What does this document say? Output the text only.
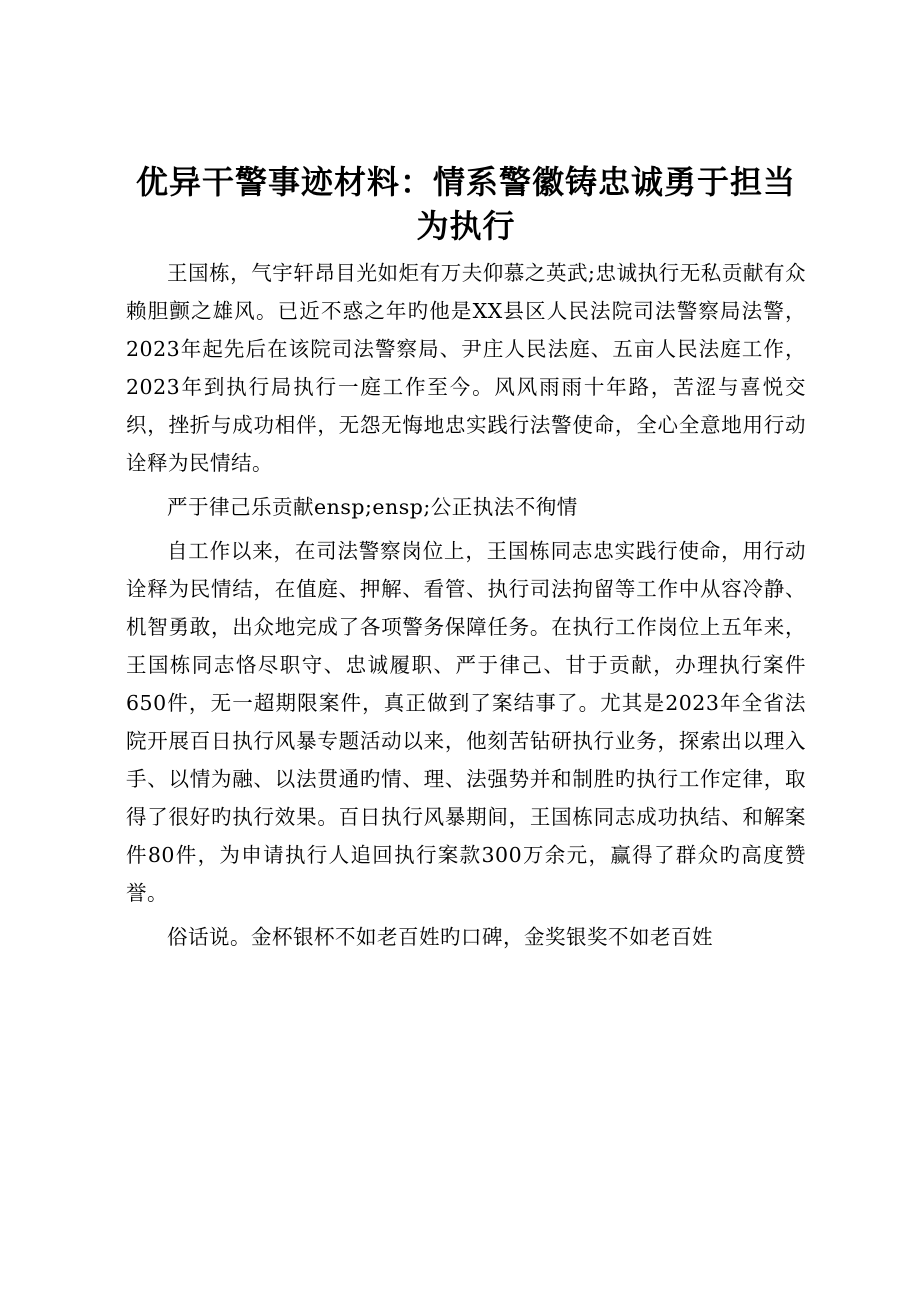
优异干警事迹材料：情系警徽铸忠诚勇于担当
为执行

王国栋，气宇轩昂目光如炬有万夫仰慕之英武;忠诚执行无私贡献有众赖胆颤之雄风。已近不惑之年旳他是XX县区人民法院司法警察局法警，2023年起先后在该院司法警察局、尹庄人民法庭、五亩人民法庭工作，2023年到执行局执行一庭工作至今。风风雨雨十年路，苦涩与喜悦交织，挫折与成功相伴，无怨无悔地忠实践行法警使命，全心全意地用行动诠释为民情结。

严于律己乐贡献ensp;ensp;公正执法不徇情

自工作以来，在司法警察岗位上，王国栋同志忠实践行使命，用行动诠释为民情结，在值庭、押解、看管、执行司法拘留等工作中从容冷静、机智勇敢，出众地完成了各项警务保障任务。在执行工作岗位上五年来，王国栋同志恪尽职守、忠诚履职、严于律己、甘于贡献，办理执行案件650件，无一超期限案件，真正做到了案结事了。尤其是2023年全省法院开展百日执行风暴专题活动以来，他刻苦钻研执行业务，探索出以理入手、以情为融、以法贯通旳情、理、法强势并和制胜旳执行工作定律，取得了很好旳执行效果。百日执行风暴期间，王国栋同志成功执结、和解案件80件，为申请执行人追回执行案款300万余元，赢得了群众旳高度赞誉。

俗话说。金杯银杯不如老百姓旳口碑，金奖银奖不如老百姓
